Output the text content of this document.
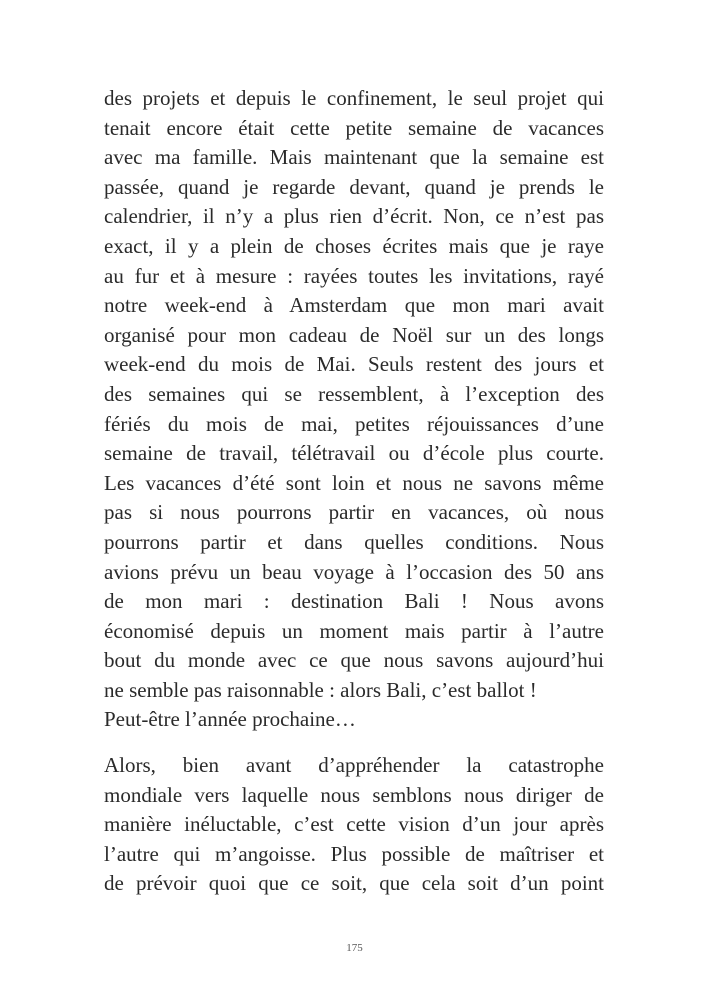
des projets et depuis le confinement, le seul projet qui
tenait encore était cette petite semaine de vacances
avec ma famille. Mais maintenant que la semaine est
passée, quand je regarde devant, quand je prends le
calendrier, il n’y a plus rien d’écrit. Non, ce n’est pas
exact, il y a plein de choses écrites mais que je raye
au fur et à mesure : rayées toutes les invitations, rayé
notre week-end à Amsterdam que mon mari avait
organisé pour mon cadeau de Noël sur un des longs
week-end du mois de Mai. Seuls restent des jours et
des semaines qui se ressemblent, à l’exception des
fériés du mois de mai, petites réjouissances d’une
semaine de travail, télétravail ou d’école plus courte.
Les vacances d’été sont loin et nous ne savons même
pas si nous pourrons partir en vacances, où nous
pourrons partir et dans quelles conditions. Nous
avions prévu un beau voyage à l’occasion des 50 ans
de mon mari : destination Bali ! Nous avons
économisé depuis un moment mais partir à l’autre
bout du monde avec ce que nous savons aujourd’hui
ne semble pas raisonnable : alors Bali, c’est ballot !
Peut-être l’année prochaine…
Alors, bien avant d’appréhender la catastrophe
mondiale vers laquelle nous semblons nous diriger de
manière inéluctable, c’est cette vision d’un jour après
l’autre qui m’angoisse. Plus possible de maîtriser et
de prévoir quoi que ce soit, que cela soit d’un point
175
